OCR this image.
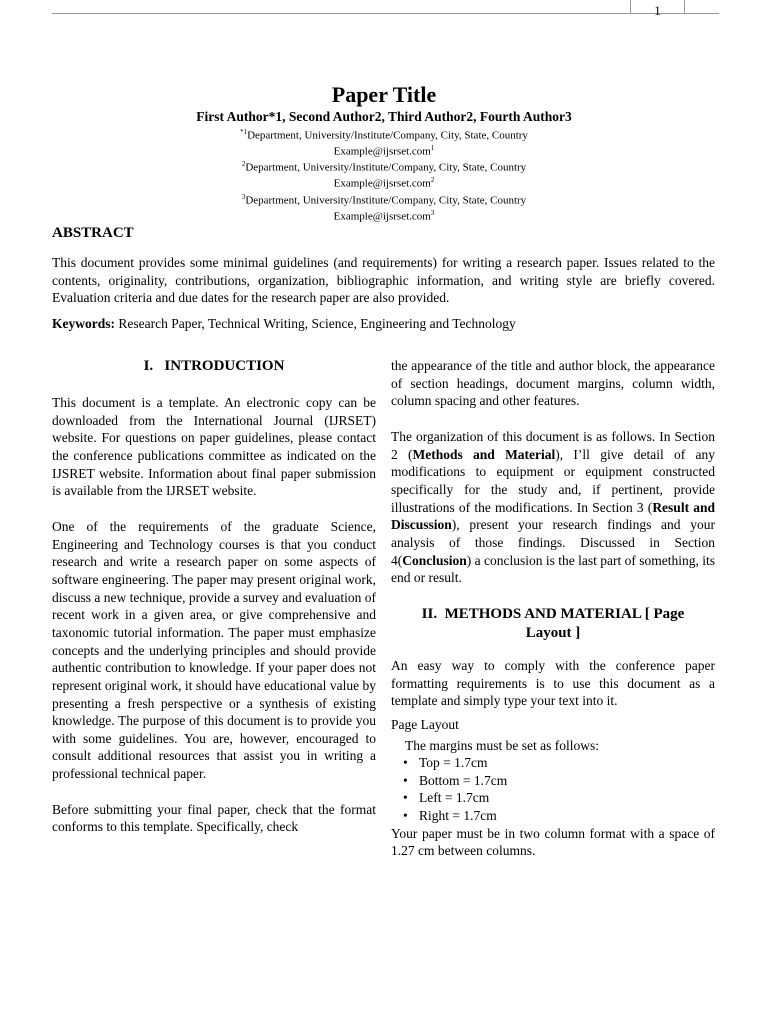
1

Paper Title

First Author*1, Second Author2, Third Author2, Fourth Author3

$^{*1}$Department, University/Institute/Company, City, State, Country
Example@ijsrset.com$^1$
$^2$Department, University/Institute/Company, City, State, Country
Example@ijsrset.com$^2$
$^3$Department, University/Institute/Company, City, State, Country
Example@ijsrset.com$^3$
ABSTRACT
This document provides some minimal guidelines (and requirements) for writing a research paper. Issues related to the contents, originality, contributions, organization, bibliographic information, and writing style are briefly covered. Evaluation criteria and due dates for the research paper are also provided.
Keywords: Research Paper, Technical Writing, Science, Engineering and Technology
I.   INTRODUCTION

This document is a template. An electronic copy can be downloaded from the International Journal (IJRSET) website. For questions on paper guidelines, please contact the conference publications committee as indicated on the IJSRET website. Information about final paper submission is available from the IJRSET website.

One of the requirements of the graduate Science, Engineering and Technology courses is that you conduct research and write a research paper on some aspects of software engineering. The paper may present original work, discuss a new technique, provide a survey and evaluation of recent work in a given area, or give comprehensive and taxonomic tutorial information. The paper must emphasize concepts and the underlying principles and should provide authentic contribution to knowledge. If your paper does not represent original work, it should have educational value by presenting a fresh perspective or a synthesis of existing knowledge. The purpose of this document is to provide you with some guidelines. You are, however, encouraged to consult additional resources that assist you in writing a professional technical paper.

Before submitting your final paper, check that the format conforms to this template. Specifically, check

the appearance of the title and author block, the appearance of section headings, document margins, column width, column spacing and other features.

The organization of this document is as follows. In Section 2 (Methods and Material), I’ll give detail of any modifications to equipment or equipment constructed specifically for the study and, if pertinent, provide illustrations of the modifications. In Section 3 (Result and Discussion), present your research findings and your analysis of those findings. Discussed in Section 4(Conclusion) a conclusion is the last part of something, its end or result.

II.  METHODS AND MATERIAL [ Page
Layout ]

An easy way to comply with the conference paper formatting requirements is to use this document as a template and simply type your text into it.

Page Layout

The margins must be set as follows:

• Top = 1.7cm
• Bottom = 1.7cm
• Left = 1.7cm
• Right = 1.7cm

Your paper must be in two column format with a space of 1.27 cm between columns.
